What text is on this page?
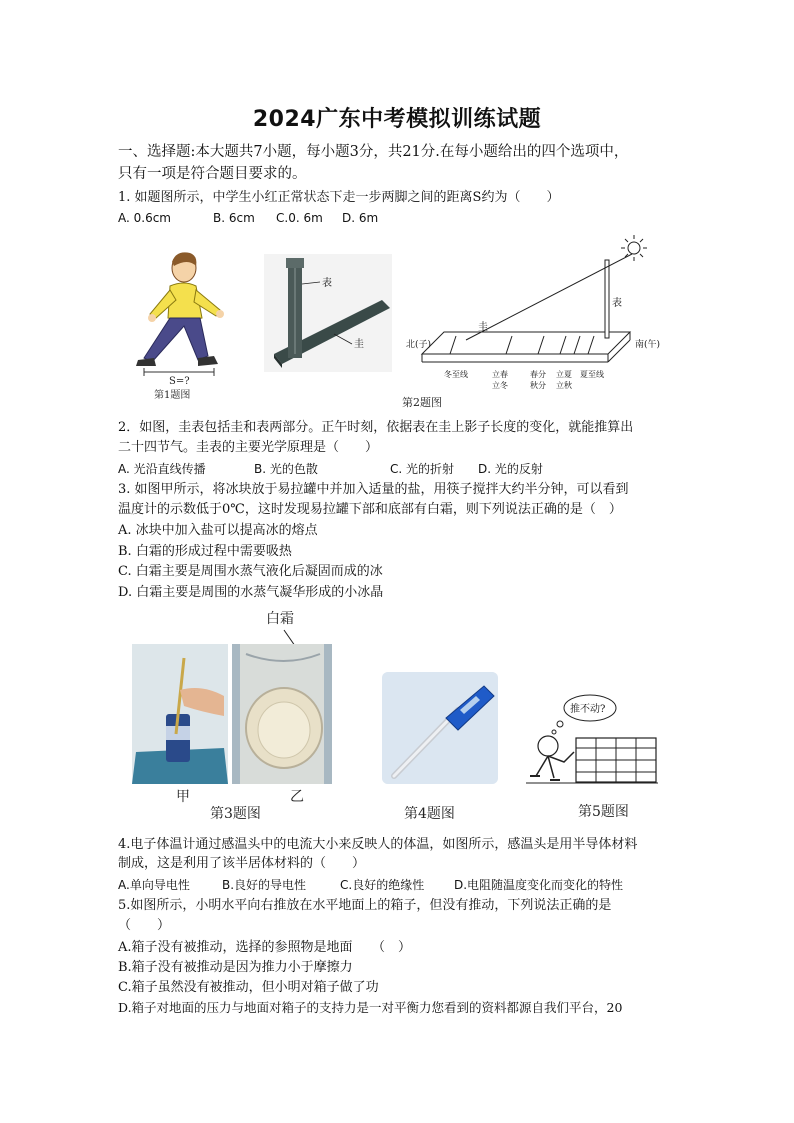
2024广东中考模拟训练试题
一、选择题:本大题共7小题，每小题3分，共21分.在每小题给出的四个选项中，
只有一项是符合题目要求的。
1. 如题图所示，中学生小红正常状态下走一步两脚之间的距离S约为（　　）
A. 0.6cm	B. 6cm C.0. 6m D. 6m
S=?
第1题图
表
圭
表
圭
北(子)	南(午)
冬至线	立春
立冬
春分
秋分
立夏
立秋
夏至线
第2题图
2．如图，圭表包括圭和表两部分。正午时刻，依据表在圭上影子长度的变化，就能推算出
二十四节气。圭表的主要光学原理是（　　）
A. 光沿直线传播	B. 光的色散	C. 光的折射 D. 光的反射
3. 如图甲所示，将冰块放于易拉罐中并加入适量的盐，用筷子搅拌大约半分钟，可以看到
温度计的示数低于0℃，这时发现易拉罐下部和底部有白霜，则下列说法正确的是（　）
A. 冰块中加入盐可以提高冰的熔点
B. 白霜的形成过程中需要吸热
C. 白霜主要是周围水蒸气液化后凝固而成的冰
D. 白霜主要是周围的水蒸气凝华形成的小冰晶
白霜
甲	乙
第3题图	第4题图
推不动?
第5题图
4.电子体温计通过感温头中的电流大小来反映人的体温，如图所示，感温头是用半导体材料
制成，这是利用了该半居体材料的（　　）
A.单向导电性	B.良好的导电性	C.良好的绝缘性 D.电阻随温度变化而变化的特性
5.如图所示，小明水平向右推放在水平地面上的箱子，但没有推动，下列说法正确的是
（　　）
A.箱子没有被推动，选择的参照物是地面　　（　）
B.箱子没有被推动是因为推力小于摩擦力
C.箱子虽然没有被推动，但小明对箱子做了功
D.箱子对地面的压力与地面对箱子的支持力是一对平衡力您看到的资料都源自我们平台，20
